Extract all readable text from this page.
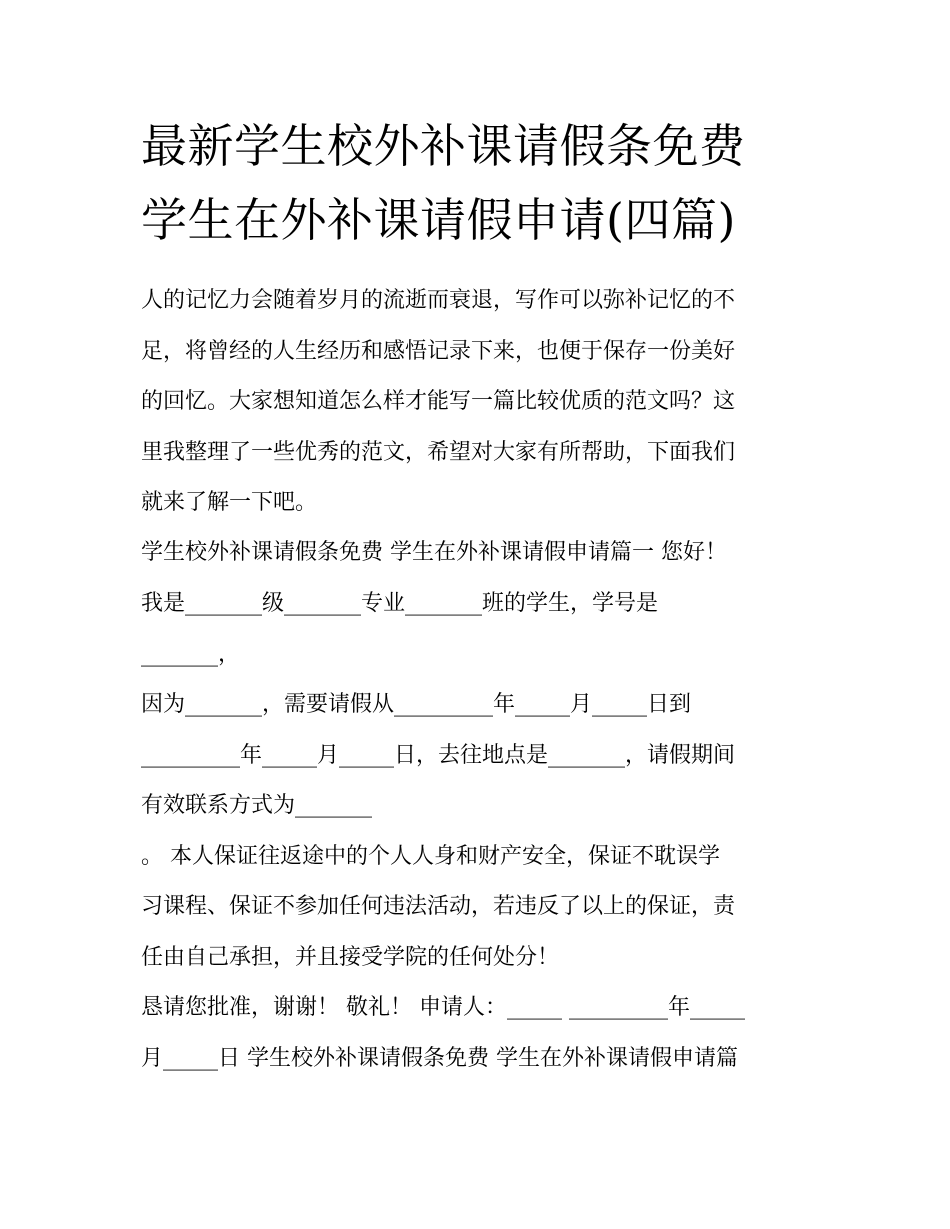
最新学生校外补课请假条免费
学生在外补课请假申请(四篇)
人的记忆力会随着岁月的流逝而衰退，写作可以弥补记忆的不
足，将曾经的人生经历和感悟记录下来，也便于保存一份美好
的回忆。大家想知道怎么样才能写一篇比较优质的范文吗？这
里我整理了一些优秀的范文，希望对大家有所帮助，下面我们
就来了解一下吧。
学生校外补课请假条免费 学生在外补课请假申请篇一 您好！
我是_______级_______专业_______班的学生，学号是
_______，
因为_______，需要请假从_________年_____月_____日到
_________年_____月_____日，去往地点是_______，请假期间
有效联系方式为_______
。 本人保证往返途中的个人人身和财产安全，保证不耽误学
习课程、保证不参加任何违法活动，若违反了以上的保证，责
任由自己承担，并且接受学院的任何处分！
恳请您批准，谢谢！ 敬礼！ 申请人：_____ _________年_____
月_____日 学生校外补课请假条免费 学生在外补课请假申请篇
